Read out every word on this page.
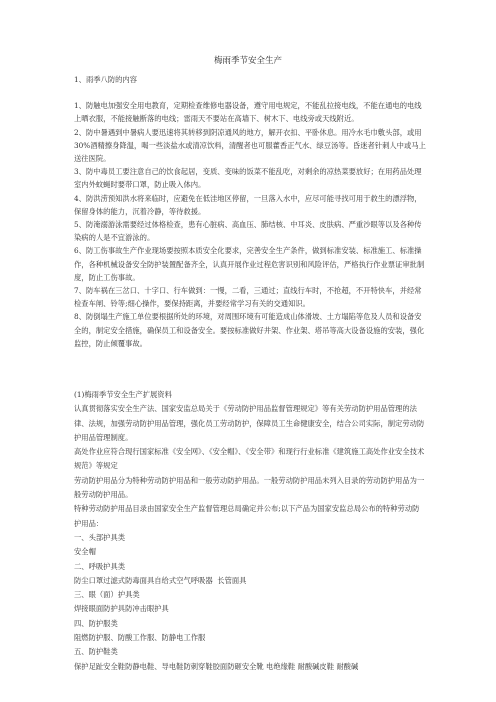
梅雨季节安全生产

1、雨季八防的内容

1、防触电加强安全用电教育，定期检查维修电器设备，遵守用电规定，不能乱拉接电线，不能在通电的电线上晒衣服，不能接触断落的电线；雷雨天不要站在高墙下、树木下、电线旁或天线附近。

2、防中暑遇到中暑病人要迅速将其转移到阴凉通风的地方，解开衣扣、平卧休息。用冷水毛巾敷头部，或用30%酒精擦身降温，喝一些淡盐水或清凉饮料，清醒者也可服藿香正气水、绿豆汤等。昏迷者针刺人中或马上送往医院。

3、防中毒员工要注意自己的饮食起居，变质、变味的饭菜不能乱吃，对剩余的凉热菜要放好；在用药品处理室内外蚊蝇时要带口罩，防止吸入体内。

4、防洪涝预知洪水将来临时，应避免在低洼地区停留，一旦落入水中，应尽可能寻找可用于救生的漂浮物，保留身体的能力，沉着冷静，等待救援。

5、防淹溺游泳需要经过体格检查，患有心脏病、高血压、肺结核、中耳炎、皮肤病、严重沙眼等以及各种传染病的人是不宜游泳的。

6、防工伤事故生产作业现场要按照本质安全化要求，完善安全生产条件，做到标准安装、标准施工、标准操作，各种机械设备安全防护装置配备齐全，认真开展作业过程危害识别和风险评估，严格执行作业票证审批制度，防止工伤事故。

7、防车祸在三岔口、十字口、行车做到：一慢，二看，三通过；直线行车时，不抢超，不开特快车，并经常检查车闸、铃等;细心操作，要保持距离，并要经常学习有关的交通知识。

8、防倒塌生产施工单位要根据所处的环境，对周围环境有可能造成山体滑坡、土方塌陷等危及人员和设备安全的，制定安全措施，确保员工和设备安全。要按标准做好井架、作业架、塔吊等高大设备设施的安装，强化监控，防止倾覆事故。

(1)梅雨季节安全生产扩展资料

认真贯彻落实安全生产法、国家安监总局关于《劳动防护用品监督管理规定》等有关劳动防护用品管理的法律、法规，加强劳动防护用品管理，强化员工劳动防护，保障员工生命健康安全，结合公司实际，制定劳动防护用品管理制度。

高处作业应符合现行国家标准《安全网》、《安全帽》、《安全带》和现行行业标准《建筑施工高处作业安全技术规范》等规定

劳动防护用品分为特种劳动防护用品和一般劳动防护用品。一般劳动防护用品未列入目录的劳动防护用品为一般劳动防护用品。

特种劳动防护用品目录由国家安全生产监督管理总局确定并公布;以下产品为国家安监总局公布的特种劳动防护用品：

一、头部护具类

安全帽

二、呼吸护具类

防尘口罩过滤式防毒面具自给式空气呼吸器  长管面具

三、眼（面）护具类

焊接眼面防护具防冲击眼护具

四、防护服类

阻燃防护服、防酸工作服、防静电工作服

五、防护鞋类

保护足趾安全鞋防静电鞋、导电鞋防刺穿鞋胶面防砸安全靴 电绝缘鞋 耐酸碱皮鞋 耐酸碱
